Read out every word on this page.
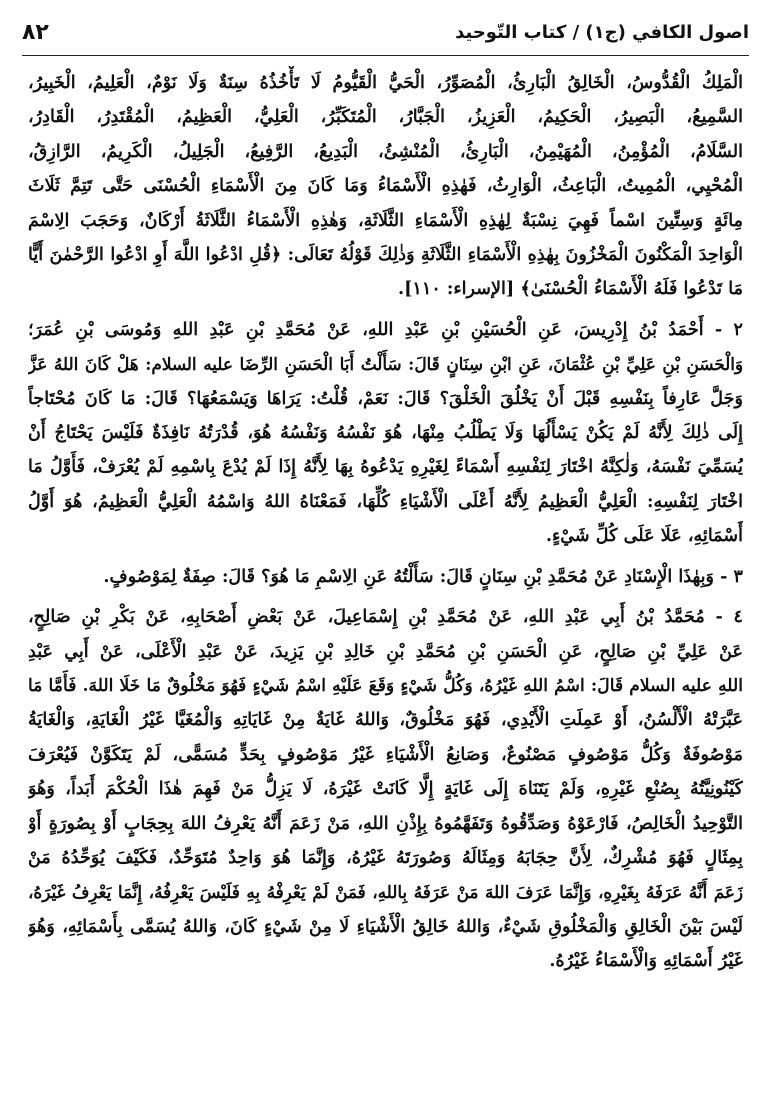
٨٢	اصول الكافي (ج١) / كتاب التّوحيد
الْمَلِكُ الْقُدُّوسُ، الْخَالِقُ الْبَارِئُ، الْمُصَوِّرُ، الْحَيُّ الْقَيُّومُ لَا تَأْخُذُهُ سِنَةٌ وَلَا نَوْمٌ، الْعَلِيمُ، الْخَبِيرُ،
السَّمِيعُ، الْبَصِيرُ، الْحَكِيمُ، الْعَزِيزُ، الْجَبَّارُ، الْمُتَكَبِّرُ، الْعَلِيُّ، الْعَظِيمُ، الْمُقْتَدِرُ، الْقَادِرُ،
السَّلَامُ، الْمُؤْمِنُ، الْمُهَيْمِنُ، الْبَارِئُ، الْمُنْشِئُ، الْبَدِيعُ، الرَّفِيعُ، الْجَلِيلُ، الْكَرِيمُ، الرَّازِقُ،
الْمُحْيِي، الْمُمِيتُ، الْبَاعِثُ، الْوَارِثُ، فَهٰذِهِ الْأَسْمَاءُ وَمَا كَانَ مِنَ الْأَسْمَاءِ الْحُسْنَى حَتَّى تَتِمَّ ثَلَاثَ
مِائَةٍ وَسِتِّينَ اسْماً فَهِيَ نِسْبَةٌ لِهٰذِهِ الْأَسْمَاءِ الثَّلَاثَةِ، وَهٰذِهِ الْأَسْمَاءُ الثَّلَاثَةُ أَرْكَانٌ، وَحَجَبَ الِاسْمَ
الْوَاحِدَ الْمَكْنُونَ الْمَخْزُونَ بِهٰذِهِ الْأَسْمَاءِ الثَّلَاثَةِ وَذٰلِكَ قَوْلُهُ تَعَالَى: ﴿قُلِ ادْعُوا اللَّهَ أَوِ ادْعُوا الرَّحْمٰنَ أَيًّا
مَا تَدْعُوا فَلَهُ الْأَسْمَاءُ الْحُسْنَىٰ﴾ [الإسراء: ١١٠].
٢ - أَحْمَدُ بْنُ إِدْرِيسَ، عَنِ الْحُسَيْنِ بْنِ عَبْدِ اللهِ، عَنْ مُحَمَّدِ بْنِ عَبْدِ اللهِ وَمُوسَى بْنِ عُمَرَ؛
وَالْحَسَنِ بْنِ عَلِيِّ بْنِ عُثْمَانَ، عَنِ ابْنِ سِنَانٍ قَالَ: سَأَلْتُ أَبَا الْحَسَنِ الرِّضَا عليه السلام: هَلْ كَانَ اللهُ عَزَّ
وَجَلَّ عَارِفاً بِنَفْسِهِ قَبْلَ أَنْ يَخْلُقَ الْخَلْقَ؟ قَالَ: نَعَمْ، قُلْتُ: يَرَاهَا وَيَسْمَعُهَا؟ قَالَ: مَا كَانَ مُحْتَاجاً
إِلَى ذٰلِكَ لِأَنَّهُ لَمْ يَكُنْ يَسْأَلُهَا وَلَا يَطْلُبُ مِنْهَا، هُوَ نَفْسُهُ وَنَفْسُهُ هُوَ، قُدْرَتُهُ نَافِذَةٌ فَلَيْسَ يَحْتَاجُ أَنْ
يُسَمِّيَ نَفْسَهُ، وَلٰكِنَّهُ اخْتَارَ لِنَفْسِهِ أَسْمَاءً لِغَيْرِهِ يَدْعُوهُ بِهَا لِأَنَّهُ إِذَا لَمْ يُدْعَ بِاسْمِهِ لَمْ يُعْرَفْ، فَأَوَّلُ مَا
اخْتَارَ لِنَفْسِهِ: الْعَلِيُّ الْعَظِيمُ لِأَنَّهُ أَعْلَى الْأَشْيَاءِ كُلِّهَا، فَمَعْنَاهُ اللهُ وَاسْمُهُ الْعَلِيُّ الْعَظِيمُ، هُوَ أَوَّلُ
أَسْمَائِهِ، عَلَا عَلَى كُلِّ شَيْءٍ.
٣ - وَبِهٰذَا الْإِسْنَادِ عَنْ مُحَمَّدِ بْنِ سِنَانٍ قَالَ: سَأَلْتُهُ عَنِ الِاسْمِ مَا هُوَ؟ قَالَ: صِفَةٌ لِمَوْصُوفٍ.
٤ - مُحَمَّدُ بْنُ أَبِي عَبْدِ اللهِ، عَنْ مُحَمَّدِ بْنِ إِسْمَاعِيلَ، عَنْ بَعْضِ أَصْحَابِهِ، عَنْ بَكْرِ بْنِ صَالِحٍ،
عَنْ عَلِيِّ بْنِ صَالِحٍ، عَنِ الْحَسَنِ بْنِ مُحَمَّدِ بْنِ خَالِدِ بْنِ يَزِيدَ، عَنْ عَبْدِ الْأَعْلَى، عَنْ أَبِي عَبْدِ
اللهِ عليه السلام قَالَ: اسْمُ اللهِ غَيْرُهُ، وَكُلُّ شَيْءٍ وَقَعَ عَلَيْهِ اسْمُ شَيْءٍ فَهُوَ مَخْلُوقٌ مَا خَلَا اللهَ. فَأَمَّا مَا
عَبَّرَتْهُ الْأَلْسُنُ، أَوْ عَمِلَتِ الْأَيْدِي، فَهُوَ مَخْلُوقٌ، وَاللهُ غَايَةٌ مِنْ غَايَاتِهِ وَالْمُغَيَّا غَيْرُ الْغَايَةِ، وَالْغَايَةُ
مَوْصُوفَةٌ وَكُلُّ مَوْصُوفٍ مَصْنُوعٌ، وَصَانِعُ الْأَشْيَاءِ غَيْرُ مَوْصُوفٍ بِحَدٍّ مُسَمًّى، لَمْ يَتَكَوَّنْ فَيُعْرَفَ
كَيْنُونِيَّتُهُ بِصُنْعِ غَيْرِهِ، وَلَمْ يَتَنَاهَ إِلَى غَايَةٍ إِلَّا كَانَتْ غَيْرَهُ، لَا يَزِلُّ مَنْ فَهِمَ هٰذَا الْحُكْمَ أَبَداً، وَهُوَ
التَّوْحِيدُ الْخَالِصُ، فَارْعَوْهُ وَصَدِّقُوهُ وَتَفَهَّمُوهُ بِإِذْنِ اللهِ، مَنْ زَعَمَ أَنَّهُ يَعْرِفُ اللهَ بِحِجَابٍ أَوْ بِصُورَةٍ أَوْ
بِمِثَالٍ فَهُوَ مُشْرِكٌ، لِأَنَّ حِجَابَهُ وَمِثَالَهُ وَصُورَتَهُ غَيْرُهُ، وَإِنَّمَا هُوَ وَاحِدٌ مُتَوَحِّدٌ، فَكَيْفَ يُوَحِّدُهُ مَنْ
زَعَمَ أَنَّهُ عَرَفَهُ بِغَيْرِهِ، وَإِنَّمَا عَرَفَ اللهَ مَنْ عَرَفَهُ بِاللهِ، فَمَنْ لَمْ يَعْرِفْهُ بِهِ فَلَيْسَ يَعْرِفُهُ، إِنَّمَا يَعْرِفُ غَيْرَهُ،
لَيْسَ بَيْنَ الْخَالِقِ وَالْمَخْلُوقِ شَيْءٌ، وَاللهُ خَالِقُ الْأَشْيَاءِ لَا مِنْ شَيْءٍ كَانَ، وَاللهُ يُسَمَّى بِأَسْمَائِهِ، وَهُوَ
غَيْرُ أَسْمَائِهِ وَالْأَسْمَاءُ غَيْرُهُ.
